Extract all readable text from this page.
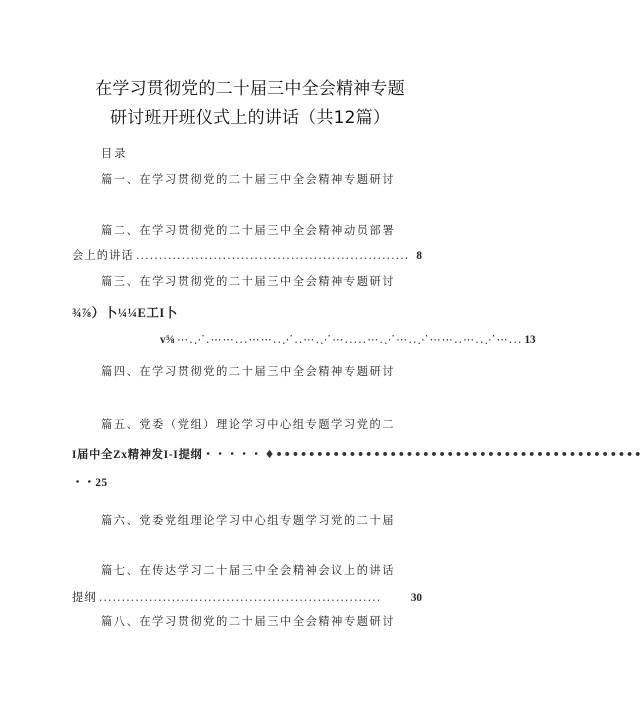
在学习贯彻党的二十届三中全会精神专题
研讨班开班仪式上的讲话（共12篇）
目录
篇一、在学习贯彻党的二十届三中全会精神专题研讨
篇二、在学习贯彻党的二十届三中全会精神动员部署
会上的讲话 ............................................................ 8
篇三、在学习贯彻党的二十届三中全会精神专题研讨
¾⅞）卜¼¼E工I卜
v⅝ ⋯.⋰.⋯⋯...⋯⋯..⋰..⋯.⋰⋯.....⋯.⋰⋯..⋰⋯⋯..⋯..⋰⋯... 13
篇四、在学习贯彻党的二十届三中全会精神专题研讨
篇五、党委（党组）理论学习中心组专题学习党的二
I届中全Zx精神发I-I提纲・・・・・ ♦•••••••••••••••••••••••••••••••••••••••••••••
・・25
篇六、党委党组理论学习中心组专题学习党的二十届
篇七、在传达学习二十届三中全会精神会议上的讲话
提纲 ..............................................................	30
篇八、在学习贯彻党的二十届三中全会精神专题研讨
